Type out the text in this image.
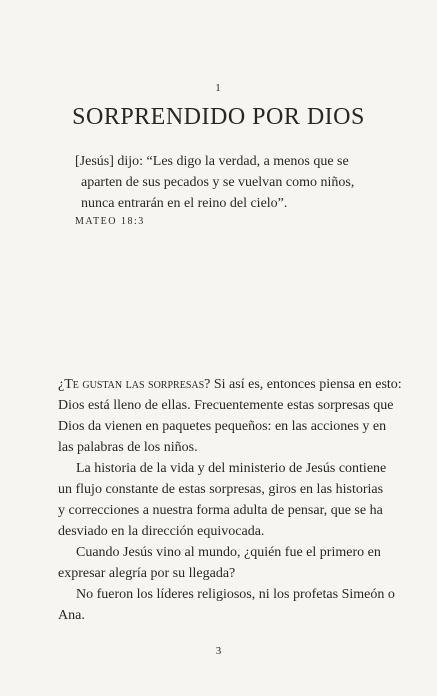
1
SORPRENDIDO POR DIOS

[Jesús] dijo: “Les digo la verdad, a menos que se

aparten de sus pecados y se vuelvan como niños,

nunca entrarán en el reino del cielo”.

MATEO 18:3

¿Te gustan las sorpresas? Si así es, entonces piensa en esto:
Dios está lleno de ellas. Frecuentemente estas sorpresas que
Dios da vienen en paquetes pequeños: en las acciones y en
las palabras de los niños.

La historia de la vida y del ministerio de Jesús contiene
un flujo constante de estas sorpresas, giros en las historias
y correcciones a nuestra forma adulta de pensar, que se ha
desviado en la dirección equivocada.

Cuando Jesús vino al mundo, ¿quién fue el primero en
expresar alegría por su llegada?

No fueron los líderes religiosos, ni los profetas Simeón o
Ana.

3
